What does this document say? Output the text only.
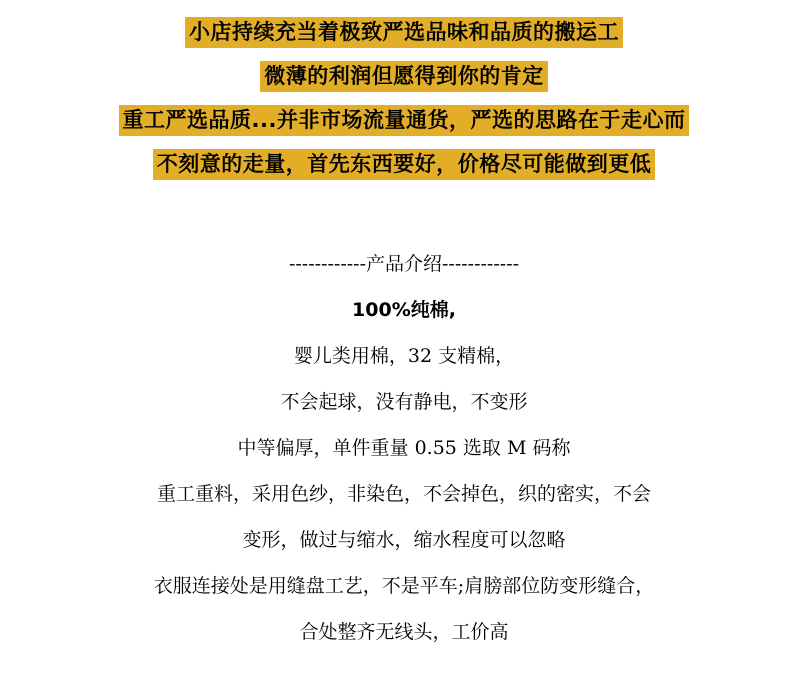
小店持续充当着极致严选品味和品质的搬运工
微薄的利润但愿得到你的肯定
重工严选品质...并非市场流量通货，严选的思路在于走心而
不刻意的走量，首先东西要好，价格尽可能做到更低
------------产品介绍------------
100%纯棉,
婴儿类用棉，32 支精棉，
不会起球，没有静电，不变形
中等偏厚，单件重量 0.55 选取 M 码称
重工重料，采用色纱，非染色，不会掉色，织的密实，不会
变形，做过与缩水，缩水程度可以忽略
衣服连接处是用缝盘工艺，不是平车;肩膀部位防变形缝合，
合处整齐无线头，工价高
